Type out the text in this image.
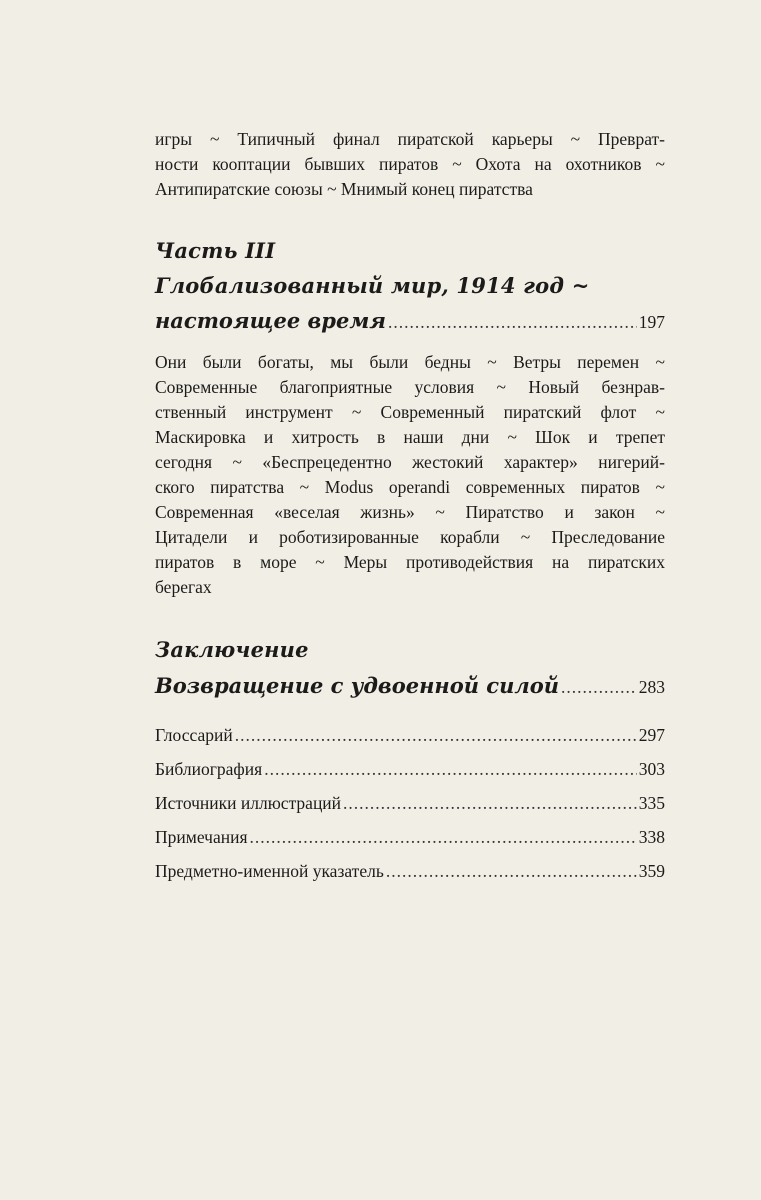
игры ~ Типичный финал пиратской карьеры ~ Преврат-
ности кооптации бывших пиратов ~ Охота на охотников ~
Антипиратские союзы ~ Мнимый конец пиратства
Часть III
Глобализованный мир, 1914 год ~
настоящее время .....	197
Они были богаты, мы были бедны ~ Ветры перемен ~
Современные благоприятные условия ~ Новый безнрав-
ственный инструмент ~ Современный пиратский флот ~
Маскировка и хитрость в наши дни ~ Шок и трепет
сегодня ~ «Беспрецедентно жестокий характер» нигерий-
ского пиратства ~ Modus operandi современных пиратов ~
Современная «веселая жизнь» ~ Пиратство и закон ~
Цитадели и роботизированные корабли ~ Преследование
пиратов в море ~ Меры противодействия на пиратских
берегах
Заключение
Возвращение с удвоенной силой .....	283
Глоссарий .....	297
Библиография .....	303
Источники иллюстраций .....	335
Примечания .....	338
Предметно-именной указатель .....	359
